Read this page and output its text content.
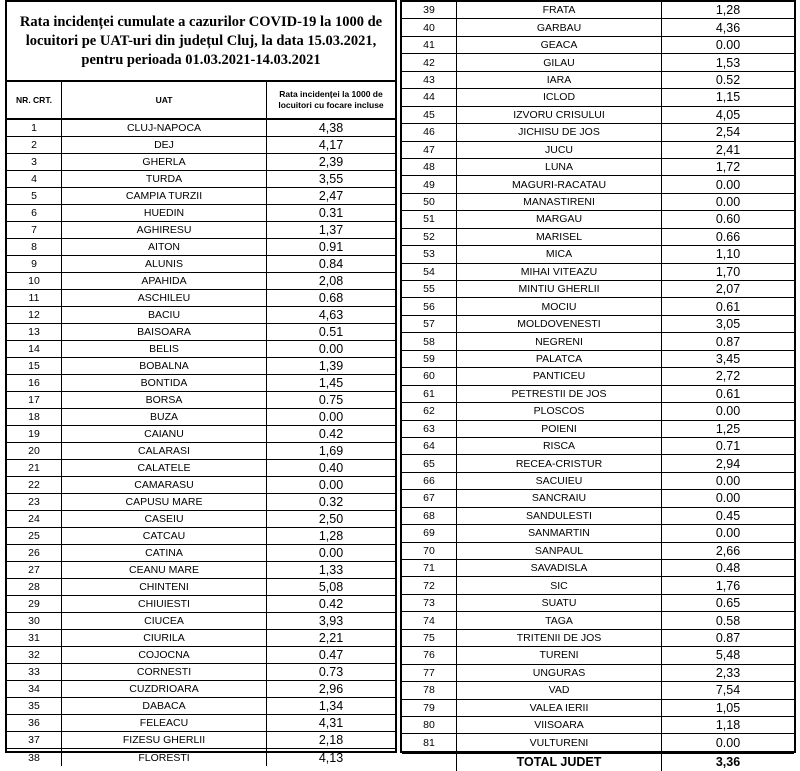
Rata incidenței cumulate a cazurilor COVID-19 la 1000 de locuitori pe UAT-uri din județul Cluj, la data 15.03.2021, pentru perioada 01.03.2021-14.03.2021
NR. CRT.	UAT
Rata incidenței la 1000 de locuitori cu focare incluse
1	CLUJ-NAPOCA	4,38
2	DEJ	4,17
3	GHERLA	2,39
4	TURDA	3,55
5	CAMPIA TURZII	2,47
6	HUEDIN	0.31
7	AGHIRESU	1,37
8	AITON	0.91
9	ALUNIS	0.84
10	APAHIDA	2,08
11	ASCHILEU	0.68
12	BACIU	4,63
13	BAISOARA	0.51
14	BELIS	0.00
15	BOBALNA	1,39
16	BONTIDA	1,45
17	BORSA	0.75
18	BUZA	0.00
19	CAIANU	0.42
20	CALARASI	1,69
21	CALATELE	0.40
22	CAMARASU	0.00
23	CAPUSU MARE	0.32
24	CASEIU	2,50
25	CATCAU	1,28
26	CATINA	0.00
27	CEANU MARE	1,33
28	CHINTENI	5,08
29	CHIUIESTI	0.42
30	CIUCEA	3,93
31	CIURILA	2,21
32	COJOCNA	0.47
33	CORNESTI	0.73
34	CUZDRIOARA	2,96
35	DABACA	1,34
36	FELEACU	4,31
37	FIZESU GHERLII	2,18
38	FLORESTI	4,13
39	FRATA	1,28
40	GARBAU	4,36
41	GEACA	0.00
42	GILAU	1,53
43	IARA	0.52
44	ICLOD	1,15
45	IZVORU CRISULUI	4,05
46	JICHISU DE JOS	2,54
47	JUCU	2,41
48	LUNA	1,72
49	MAGURI-RACATAU	0.00
50	MANASTIRENI	0.00
51	MARGAU	0.60
52	MARISEL	0.66
53	MICA	1,10
54	MIHAI VITEAZU	1,70
55	MINTIU GHERLII	2,07
56	MOCIU	0.61
57	MOLDOVENESTI	3,05
58	NEGRENI	0.87
59	PALATCA	3,45
60	PANTICEU	2,72
61	PETRESTII DE JOS	0.61
62	PLOSCOS	0.00
63	POIENI	1,25
64	RISCA	0.71
65	RECEA-CRISTUR	2,94
66	SACUIEU	0.00
67	SANCRAIU	0.00
68	SANDULESTI	0.45
69	SANMARTIN	0.00
70	SANPAUL	2,66
71	SAVADISLA	0.48
72	SIC	1,76
73	SUATU	0.65
74	TAGA	0.58
75	TRITENII DE JOS	0.87
76	TURENI	5,48
77	UNGURAS	2,33
78	VAD	7,54
79	VALEA IERII	1,05
80	VIISOARA	1,18
81	VULTURENI	0.00
TOTAL JUDET	3,36
